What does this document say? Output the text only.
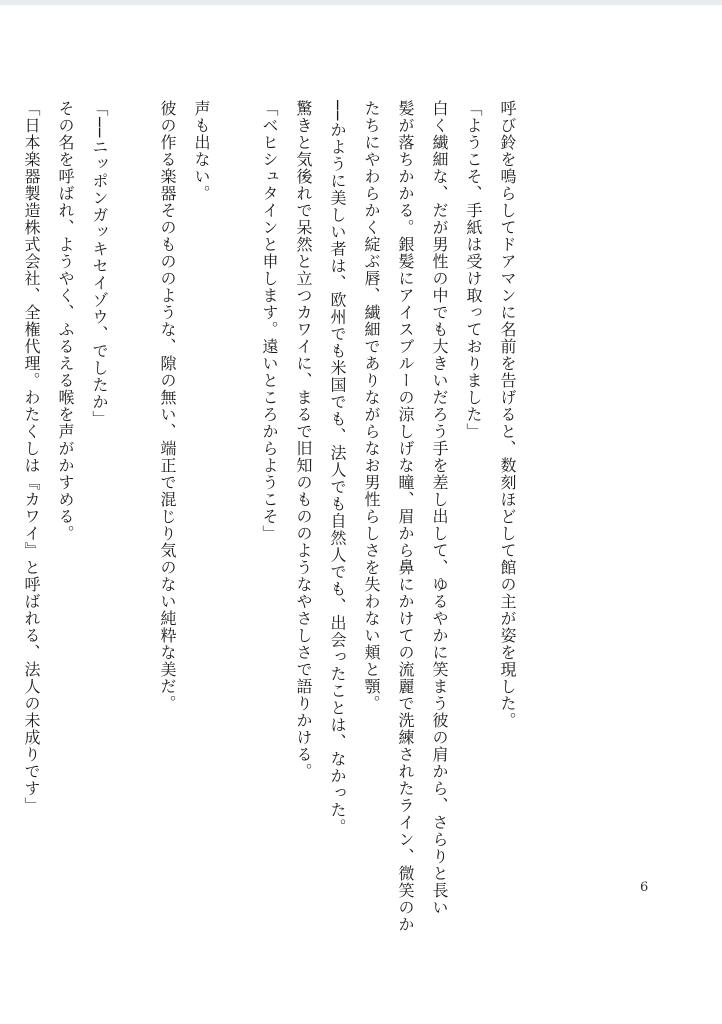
呼び鈴を鳴らしてドアマンに名前を告げると、数刻ほどして館の主が姿を現した。
「ようこそ、手紙は受け取っておりました」
白く繊細な、だが男性の中でも大きいだろう手を差し出して、ゆるやかに笑まう彼の肩から、さらりと長い
髪が落ちかかる。銀髪にアイスブルーの涼しげな瞳、眉から鼻にかけての流麗で洗練されたライン、微笑のか
たちにやわらかく綻ぶ唇、繊細でありながらなお男性らしさを失わない頬と顎。
──かように美しい者は、欧州でも米国でも、法人でも自然人でも、出会ったことは、なかった。
驚きと気後れで呆然と立つカワイに、まるで旧知のもののようなやさしさで語りかける。
「ベヒシュタインと申します。遠いところからようこそ」
声も出ない。
彼の作る楽器そのもののような、隙の無い、端正で混じり気のない純粋な美だ。
「──ニッポンガッキセイゾウ、でしたか」
その名を呼ばれ、ようやく、ふるえる喉を声がかすめる。
「日本楽器製造株式会社、全権代理。わたくしは『カワイ』と呼ばれる、法人の未成りです」
6
